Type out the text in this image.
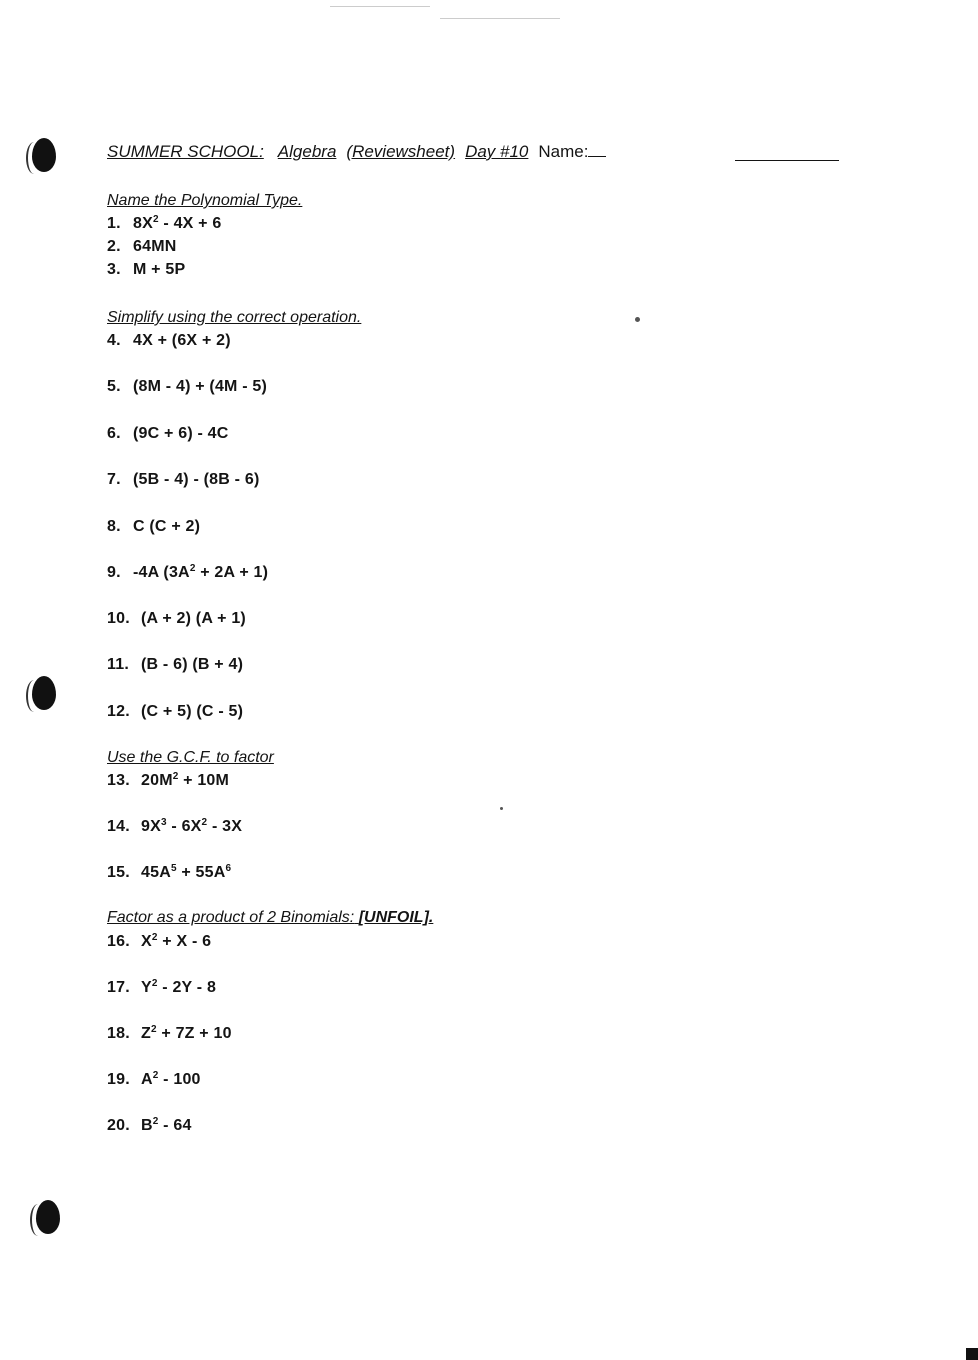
SUMMER SCHOOL: Algebra (Reviewsheet) Day #10 Name:
Name the Polynomial Type.
1. $8X^2 - 4X + 6$
2. 64MN
3. M + 5P
Simplify using the correct operation.
4. 4X + (6X + 2)
5. (8M - 4) + (4M - 5)
6. (9C + 6) - 4C
7. (5B - 4) - (8B - 6)
8. C (C + 2)
9. -4A $(3A^2 + 2A + 1)$
10. (A + 2) (A + 1)
11. (B - 6) (B + 4)
12. (C + 5) (C - 5)
Use the G.C.F. to factor
13. $20M^2 + 10M$
14. $9X^3 - 6X^2 - 3X$
15. $45A^5 + 55A^6$
Factor as a product of 2 Binomials: [UNFOIL].
16. $X^2 + X - 6$
17. $Y^2 - 2Y - 8$
18. $Z^2 + 7Z + 10$
19. $A^2 - 100$
20. $B^2 - 64$
